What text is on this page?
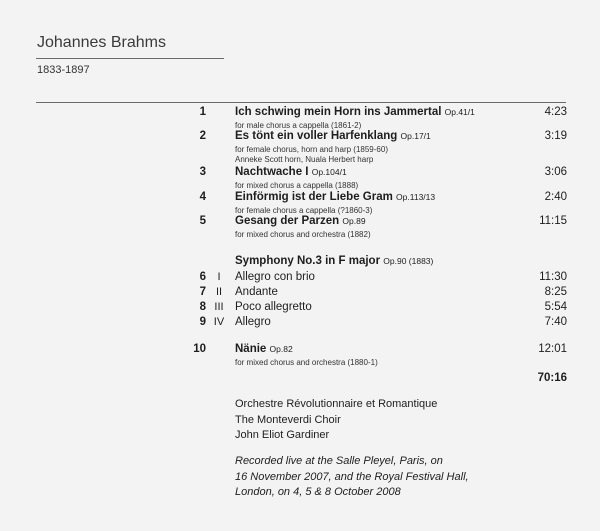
Johannes Brahms
1833-1897
1	Ich schwing mein Horn ins Jammertal Op.41/1	4:23
for male chorus a cappella (1861-2)
2	Es tönt ein voller Harfenklang Op.17/1	3:19
for female chorus, horn and harp (1859-60)
Anneke Scott horn, Nuala Herbert harp
3	Nachtwache I Op.104/1	3:06
for mixed chorus a cappella (1888)
4	Einförmig ist der Liebe Gram Op.113/13	2:40
for female chorus a cappella (?1860-3)
5	Gesang der Parzen Op.89	11:15
for mixed chorus and orchestra (1882)
Symphony No.3 in F major Op.90 (1883)
6	I	Allegro con brio	11:30
7 II	Andante	8:25
8 III Poco allegretto	5:54
9 IV Allegro	7:40
10	Nänie Op.82	12:01
for mixed chorus and orchestra (1880-1)
70:16
Orchestre Révolutionnaire et Romantique
The Monteverdi Choir
John Eliot Gardiner
Recorded live at the Salle Pleyel, Paris, on
16 November 2007, and the Royal Festival Hall,
London, on 4, 5 & 8 October 2008
